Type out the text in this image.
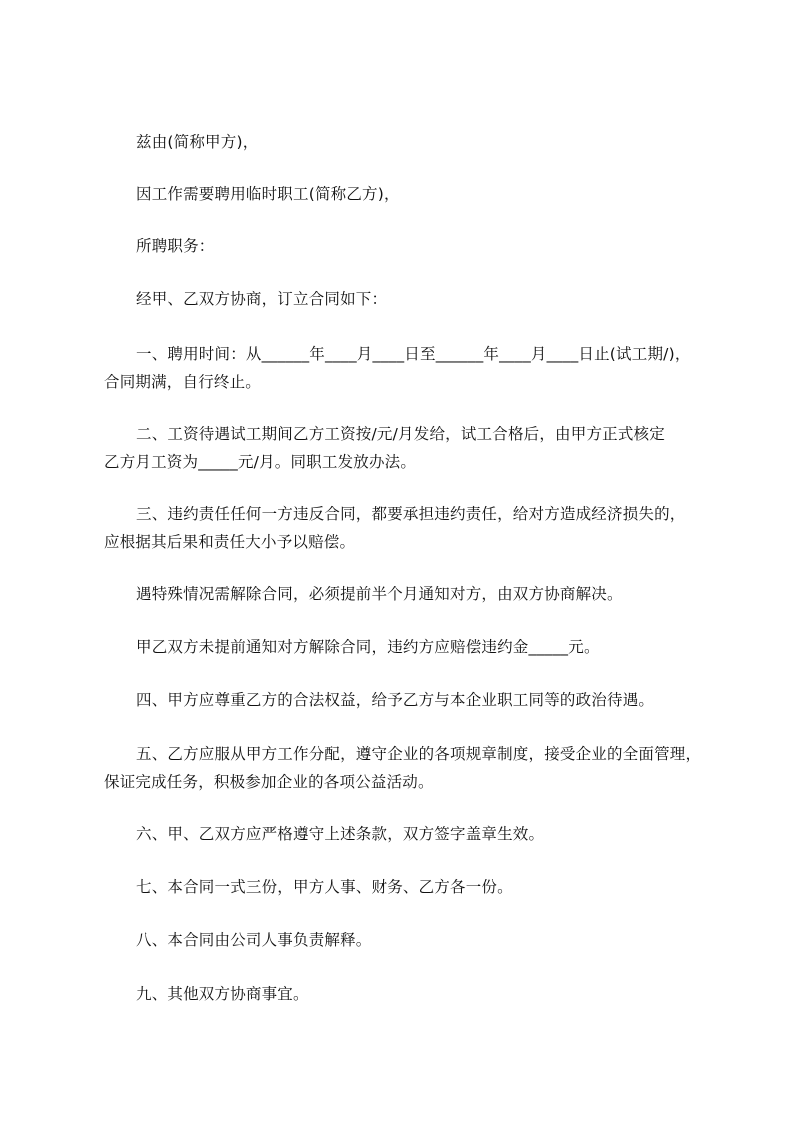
兹由(简称甲方)，

因工作需要聘用临时职工(简称乙方)，

所聘职务：

经甲、乙双方协商，订立合同如下：

一、聘用时间：从______年____月____日至______年____月____日止(试工期/)，
合同期满，自行终止。

二、工资待遇试工期间乙方工资按/元/月发给，试工合格后，由甲方正式核定
乙方月工资为_____元/月。同职工发放办法。

三、违约责任任何一方违反合同，都要承担违约责任，给对方造成经济损失的，
应根据其后果和责任大小予以赔偿。

遇特殊情况需解除合同，必须提前半个月通知对方，由双方协商解决。

甲乙双方未提前通知对方解除合同，违约方应赔偿违约金_____元。

四、甲方应尊重乙方的合法权益，给予乙方与本企业职工同等的政治待遇。

五、乙方应服从甲方工作分配，遵守企业的各项规章制度，接受企业的全面管理，
保证完成任务，积极参加企业的各项公益活动。

六、甲、乙双方应严格遵守上述条款，双方签字盖章生效。

七、本合同一式三份，甲方人事、财务、乙方各一份。

八、本合同由公司人事负责解释。

九、其他双方协商事宜。
